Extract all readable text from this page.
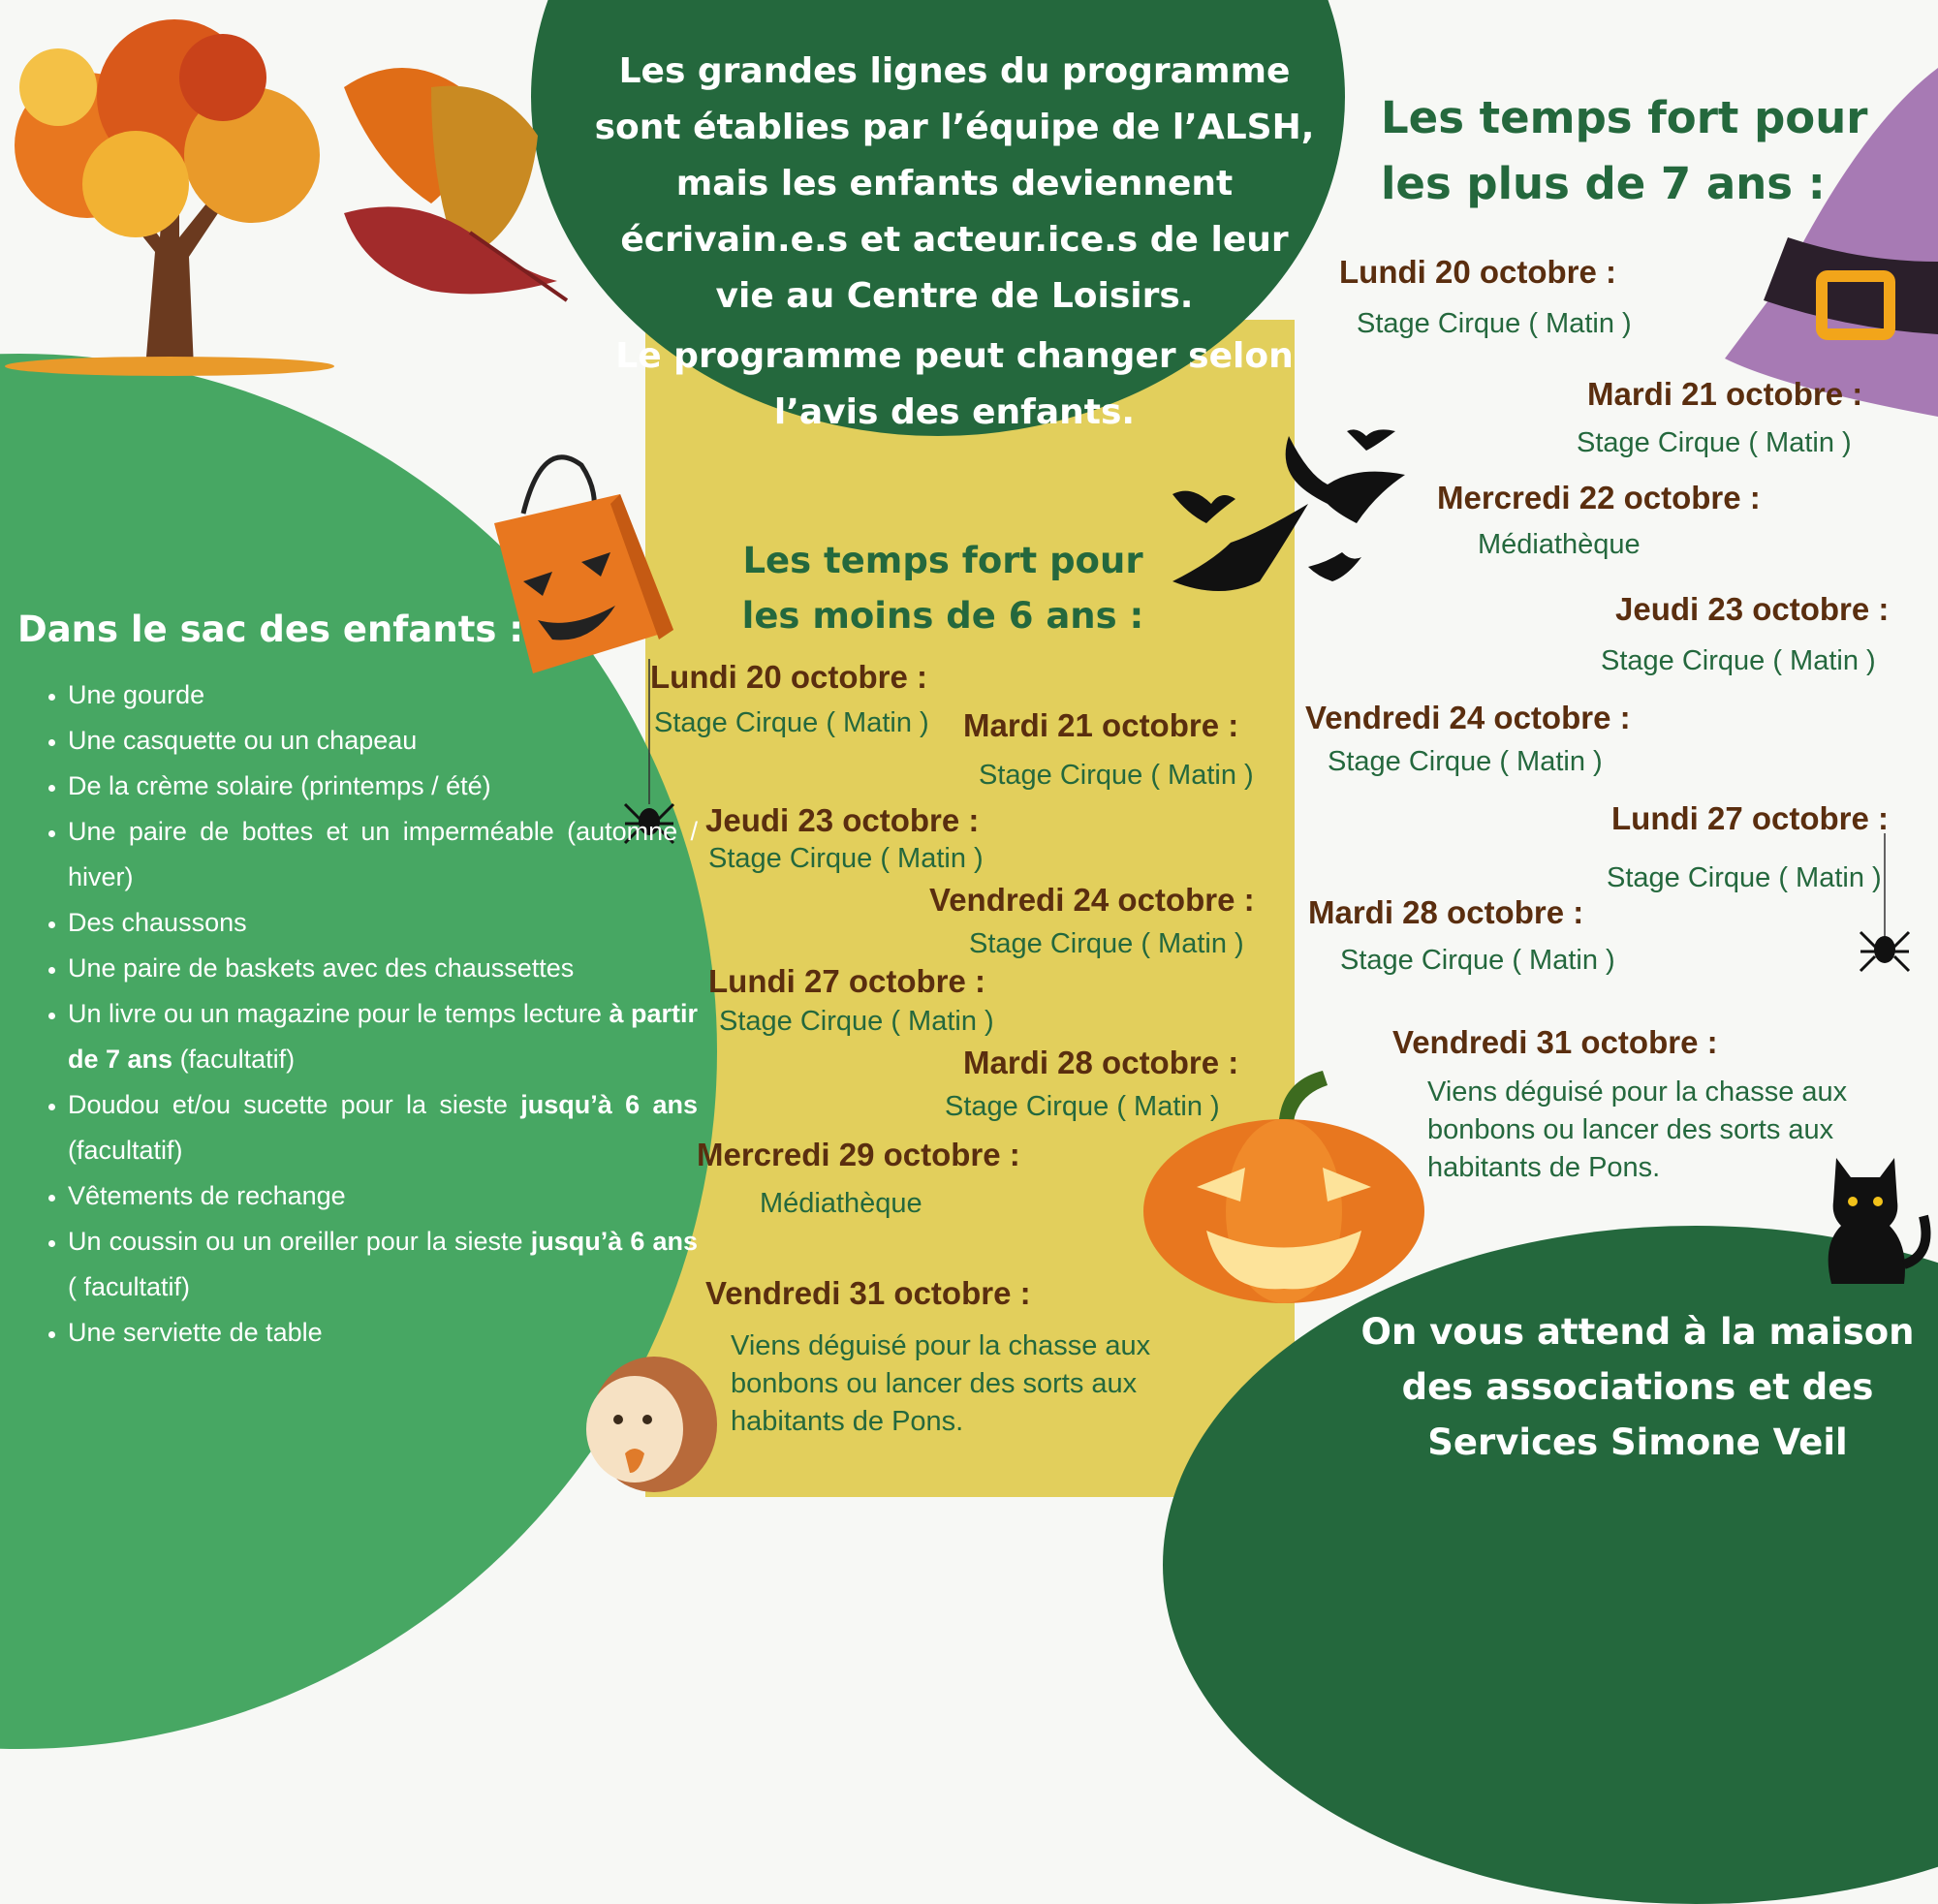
Les grandes lignes du programme

sont établies par l’équipe de l’ALSH,

mais les enfants deviennent

écrivain.e.s et acteur.ice.s de leur

vie au Centre de Loisirs.

Le programme peut changer selon

l’avis des enfants.

Les temps fort pour
les plus de 7 ans :
Les temps fort pour
les moins de 6 ans :
Lundi 20 octobre :
Stage Cirque ( Matin )
Mardi 21 octobre :
Stage Cirque ( Matin )
Mercredi 22 octobre :
Médiathèque
Jeudi 23 octobre :
Stage Cirque ( Matin )
Vendredi 24 octobre :
Stage Cirque ( Matin )
Lundi 27 octobre :
Stage Cirque ( Matin )
Mardi 28 octobre :
Stage Cirque ( Matin )
Vendredi 31 octobre :
Viens déguisé pour la chasse aux
bonbons ou lancer des sorts aux
habitants de Pons.
Lundi 20 octobre :
Stage Cirque ( Matin ) Mardi 21 octobre :
Stage Cirque ( Matin )
Jeudi 23 octobre :
Stage Cirque ( Matin )
Vendredi 24 octobre :
Stage Cirque ( Matin )
Lundi 27 octobre :
Stage Cirque ( Matin )
Mardi 28 octobre :
Stage Cirque ( Matin )
Mercredi 29 octobre :
Médiathèque
Vendredi 31 octobre :
Viens déguisé pour la chasse aux
bonbons ou lancer des sorts aux
habitants de Pons.
Dans le sac des enfants :
• Une gourde
• Une casquette ou un chapeau
• De la crème solaire (printemps / été)
• Une paire de bottes et un imperméable (automne / hiver)
• Des chaussons
• Une paire de baskets avec des chaussettes
• Un livre ou un magazine pour le temps lecture à partir de 7 ans (facultatif)
• Doudou et/ou sucette pour la sieste jusqu’à 6 ans (facultatif)
• Vêtements de rechange
• Un coussin ou un oreiller pour la sieste jusqu’à 6 ans ( facultatif)
• Une serviette de table	On vous attend à la maison
des associations et des
Services Simone Veil
